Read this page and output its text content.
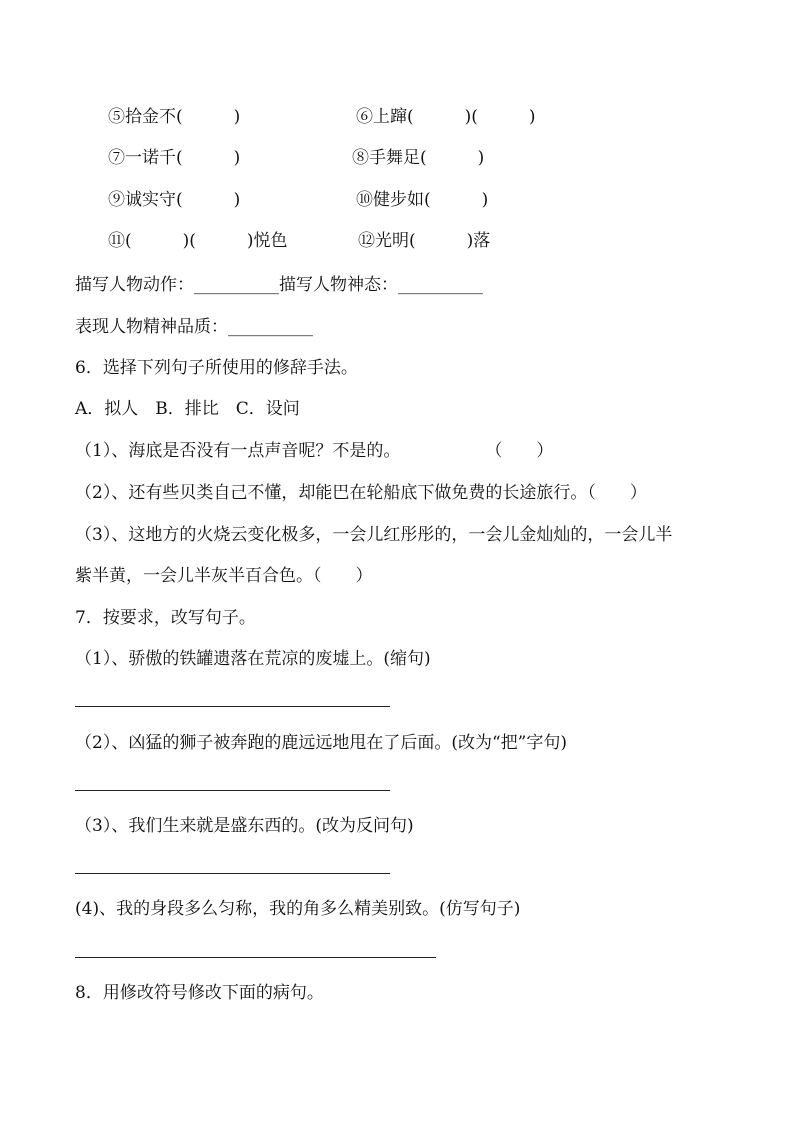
⑤拾金不(　　　)	⑥上蹿(　　　)(　　　)
⑦一诺千(　　　)	⑧手舞足(　　　)
⑨诚实守(　　　)	⑩健步如(　　　)
⑪(　　　)(　　　)悦色	⑫光明(　　　)落
描写人物动作：__________描写人物神态：__________
表现人物精神品质：__________
6．选择下列句子所使用的修辞手法。
A．拟人　B．排比　C．设问
（1）、海底是否没有一点声音呢？不是的。　　　　　　（　　）
（2）、还有些贝类自己不懂，却能巴在轮船底下做免费的长途旅行。（　　）
（3）、这地方的火烧云变化极多，一会儿红彤彤的，一会儿金灿灿的，一会儿半
紫半黄，一会儿半灰半百合色。（　　）
7．按要求，改写句子。
（1）、骄傲的铁罐遗落在荒凉的废墟上。(缩句)
（2）、凶猛的狮子被奔跑的鹿远远地甩在了后面。(改为“把”字句)
（3）、我们生来就是盛东西的。(改为反问句)
(4)、我的身段多么匀称，我的角多么精美别致。(仿写句子)
8．用修改符号修改下面的病句。
